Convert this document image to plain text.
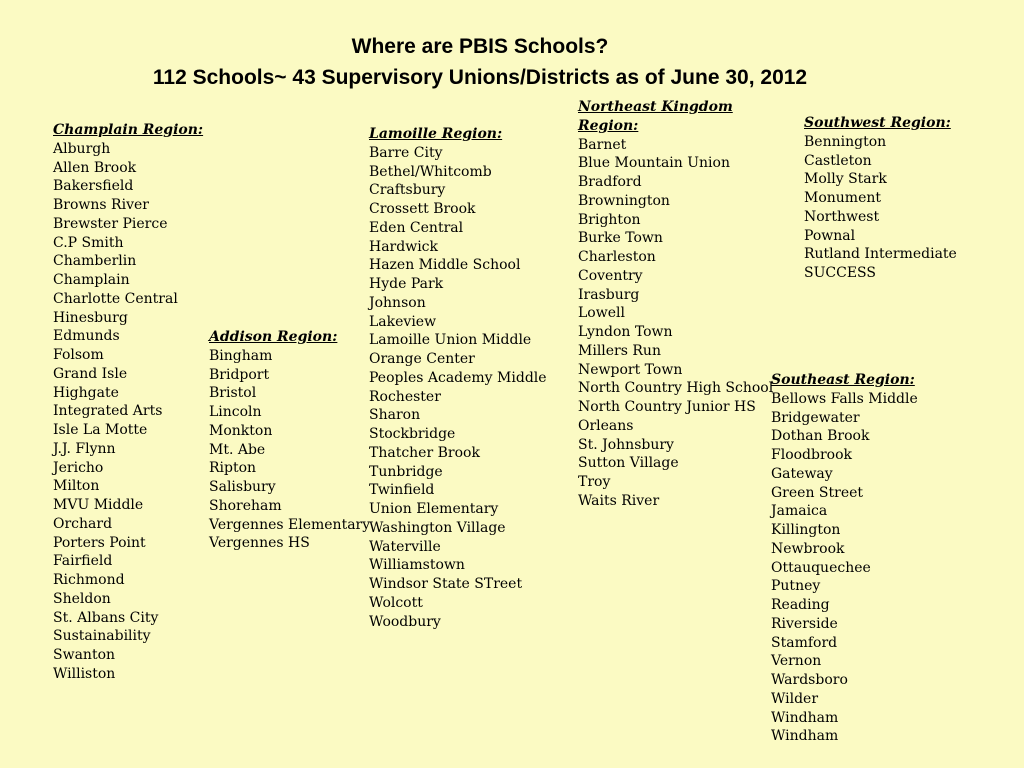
Where are PBIS Schools?
112 Schools~ 43 Supervisory Unions/Districts as of June 30, 2012
Champlain Region:
Alburgh
Allen Brook
Bakersfield
Browns River
Brewster Pierce
C.P Smith
Chamberlin
Champlain
Charlotte Central
Hinesburg
Edmunds
Folsom
Grand Isle
Highgate
Integrated Arts
Isle La Motte
J.J. Flynn
Jericho
Milton
MVU Middle
Orchard
Porters Point
Fairfield
Richmond
Sheldon
St. Albans City
Sustainability
Swanton
Williston
Addison Region:
Bingham
Bridport
Bristol
Lincoln
Monkton
Mt. Abe
Ripton
Salisbury
Shoreham
Vergennes Elementary
Vergennes HS
Lamoille Region:
Barre City
Bethel/Whitcomb
Craftsbury
Crossett Brook
Eden Central
Hardwick
Hazen Middle School
Hyde Park
Johnson
Lakeview
Lamoille Union Middle
Orange Center
Peoples Academy Middle
Rochester
Sharon
Stockbridge
Thatcher Brook
Tunbridge
Twinfield
Union Elementary
Washington Village
Waterville
Williamstown
Windsor State STreet
Wolcott
Woodbury
Northeast Kingdom Region:
Barnet
Blue Mountain Union
Bradford
Brownington
Brighton
Burke Town
Charleston
Coventry
Irasburg
Lowell
Lyndon Town
Millers Run
Newport Town
North Country High School
North Country Junior HS
Orleans
St. Johnsbury
Sutton Village
Troy
Waits River
Southwest Region:
Bennington
Castleton
Molly Stark
Monument
Northwest
Pownal
Rutland Intermediate
SUCCESS
Southeast Region:
Bellows Falls Middle
Bridgewater
Dothan Brook
Floodbrook
Gateway
Green Street
Jamaica
Killington
Newbrook
Ottauquechee
Putney
Reading
Riverside
Stamford
Vernon
Wardsboro
Wilder
Windham
Windham
